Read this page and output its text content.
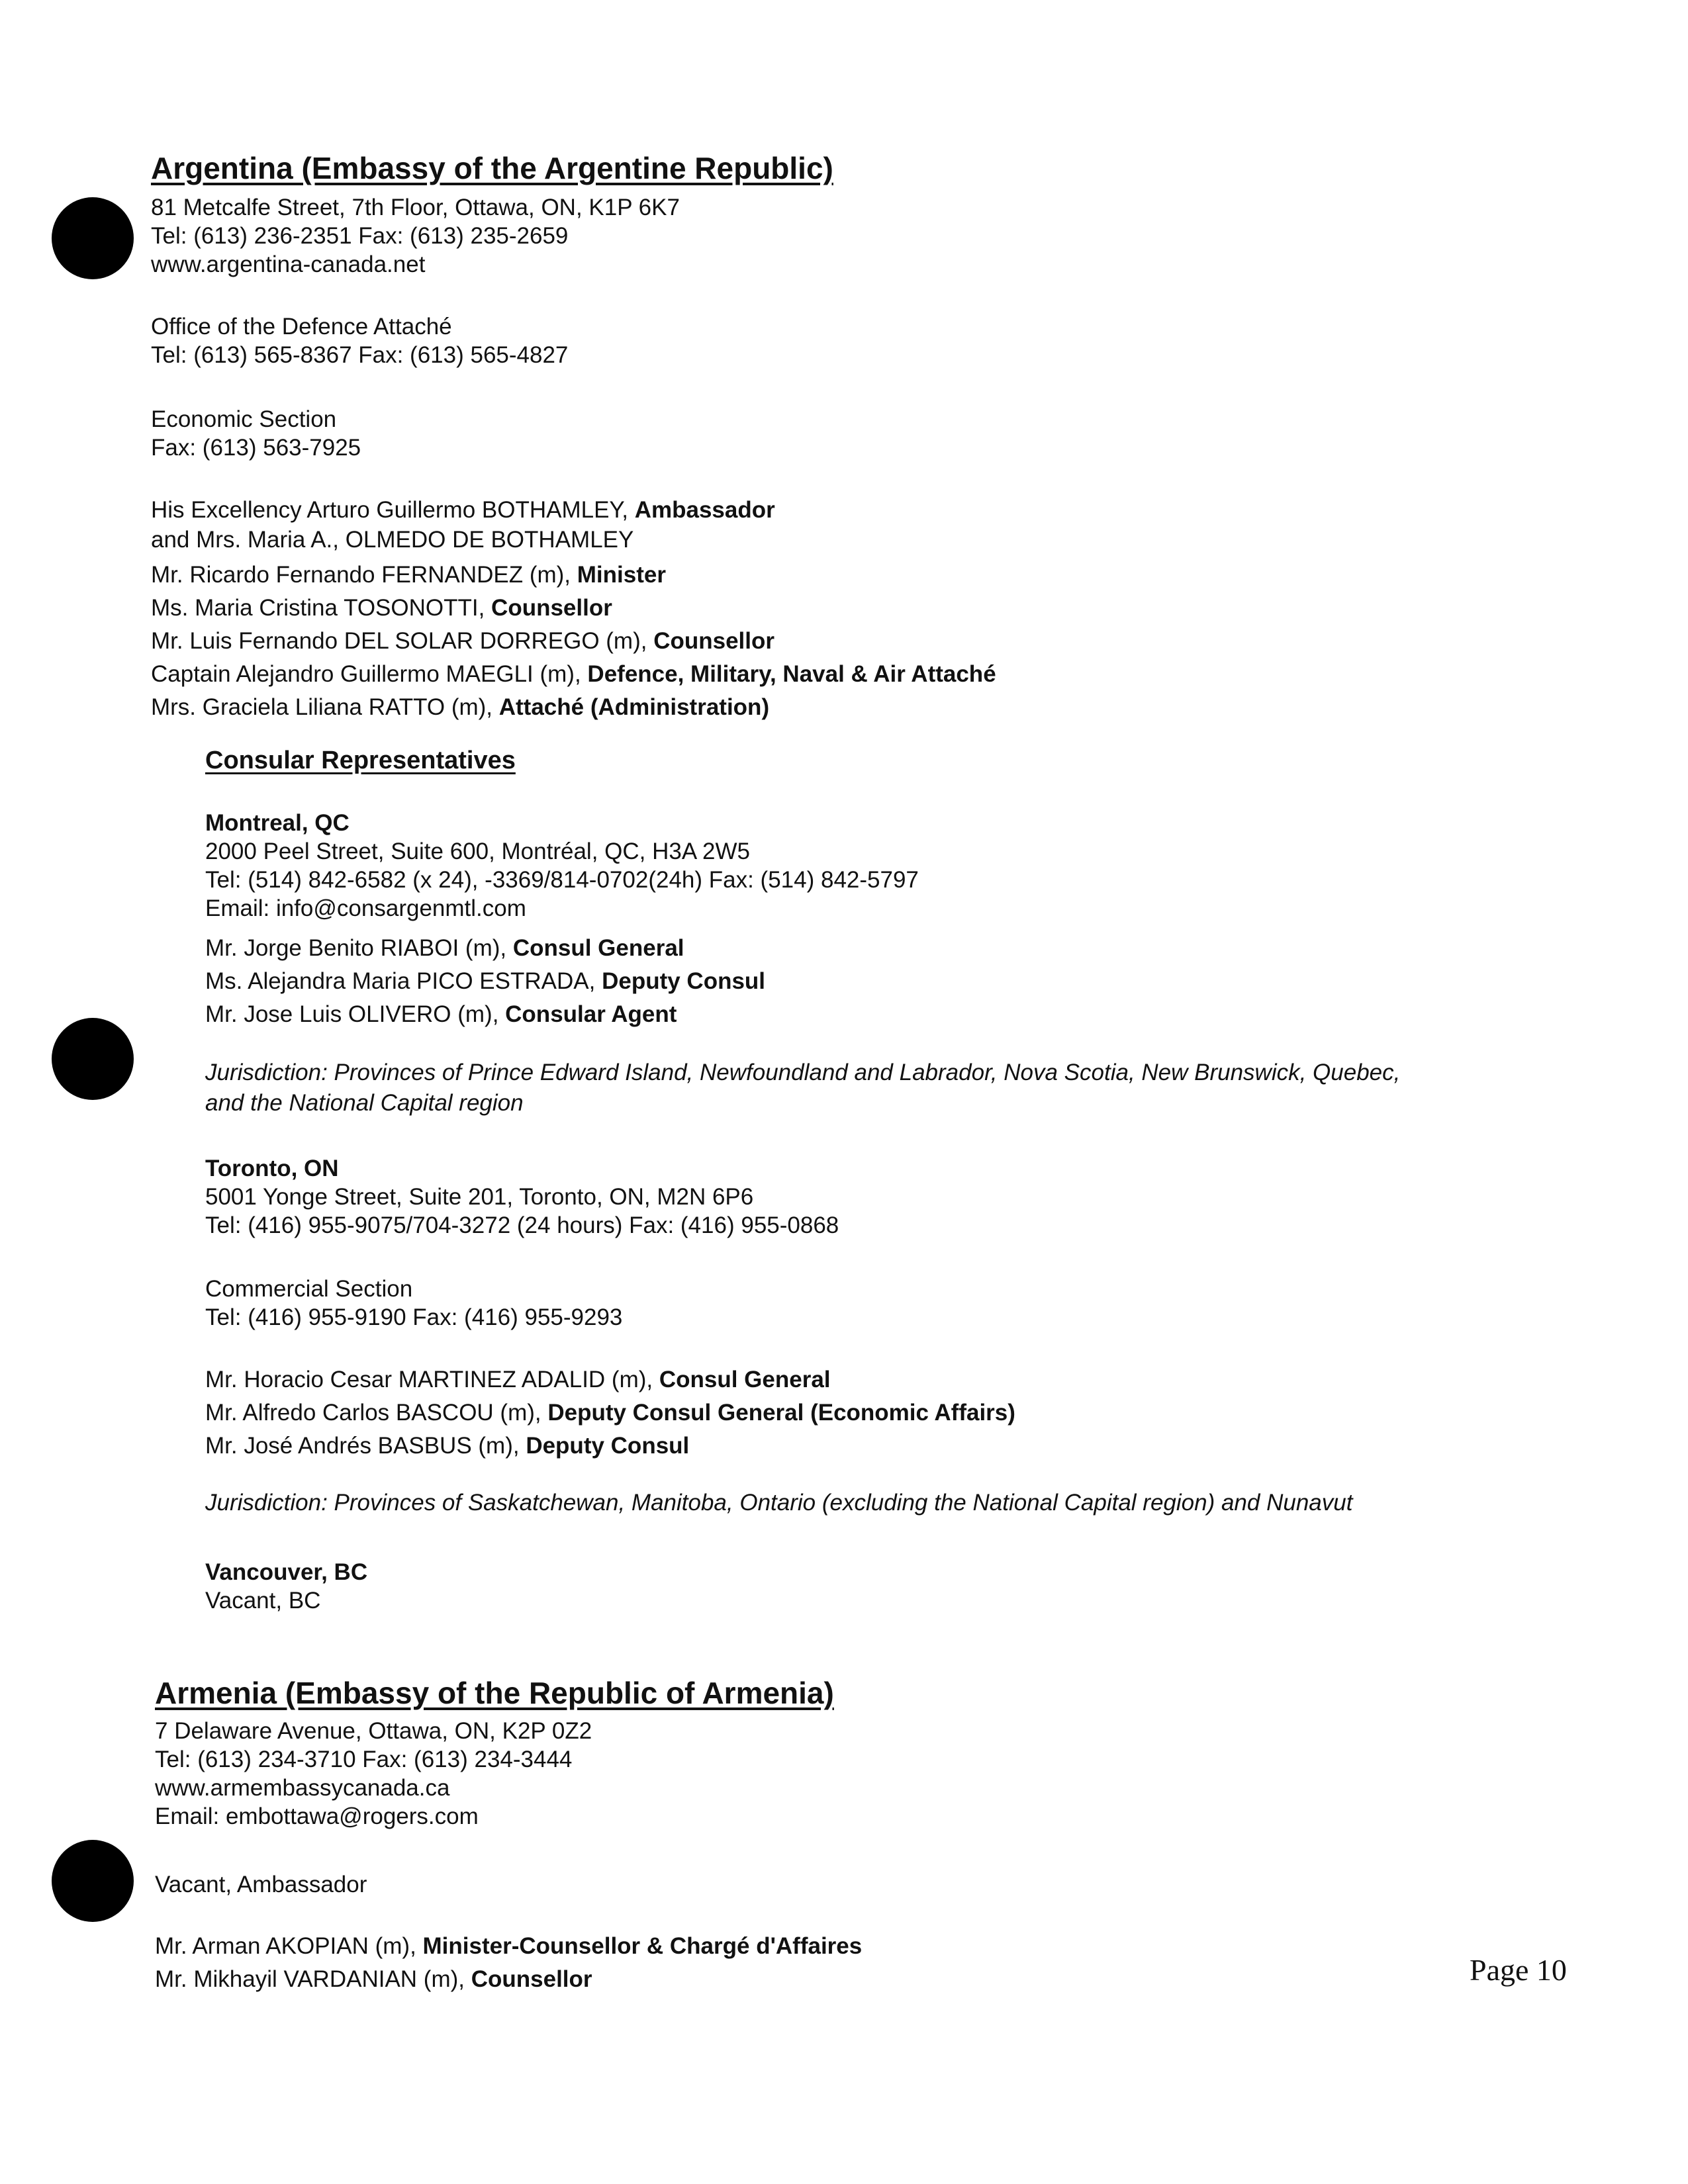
Argentina (Embassy of the Argentine Republic)
81 Metcalfe Street, 7th Floor, Ottawa, ON, K1P 6K7
Tel: (613) 236-2351 Fax: (613) 235-2659
www.argentina-canada.net
Office of the Defence Attaché
Tel: (613) 565-8367 Fax: (613) 565-4827
Economic Section
Fax: (613) 563-7925
His Excellency Arturo Guillermo BOTHAMLEY, Ambassador
and Mrs. Maria A., OLMEDO DE BOTHAMLEY
Mr. Ricardo Fernando FERNANDEZ (m), Minister
Ms. Maria Cristina TOSONOTTI, Counsellor
Mr. Luis Fernando DEL SOLAR DORREGO (m), Counsellor
Captain Alejandro Guillermo MAEGLI (m), Defence, Military, Naval & Air Attaché
Mrs. Graciela Liliana RATTO (m), Attaché (Administration)
Consular Representatives
Montreal, QC
2000 Peel Street, Suite 600, Montréal, QC, H3A 2W5
Tel: (514) 842-6582 (x 24), -3369/814-0702(24h) Fax: (514) 842-5797
Email: info@consargenmtl.com
Mr. Jorge Benito RIABOI (m), Consul General
Ms. Alejandra Maria PICO ESTRADA, Deputy Consul
Mr. Jose Luis OLIVERO (m), Consular Agent
Jurisdiction: Provinces of Prince Edward Island, Newfoundland and Labrador, Nova Scotia, New Brunswick, Quebec,
and the National Capital region
Toronto, ON
5001 Yonge Street, Suite 201, Toronto, ON, M2N 6P6
Tel: (416) 955-9075/704-3272 (24 hours) Fax: (416) 955-0868
Commercial Section
Tel: (416) 955-9190 Fax: (416) 955-9293
Mr. Horacio Cesar MARTINEZ ADALID (m), Consul General
Mr. Alfredo Carlos BASCOU (m), Deputy Consul General (Economic Affairs)
Mr. José Andrés BASBUS (m), Deputy Consul
Jurisdiction: Provinces of Saskatchewan, Manitoba, Ontario (excluding the National Capital region) and Nunavut
Vancouver, BC
Vacant, BC
Armenia (Embassy of the Republic of Armenia)
7 Delaware Avenue, Ottawa, ON, K2P 0Z2
Tel: (613) 234-3710 Fax: (613) 234-3444
www.armembassycanada.ca
Email: embottawa@rogers.com
Vacant, Ambassador
Mr. Arman AKOPIAN (m), Minister-Counsellor & Chargé d'Affaires
Mr. Mikhayil VARDANIAN (m), Counsellor	Page 10
